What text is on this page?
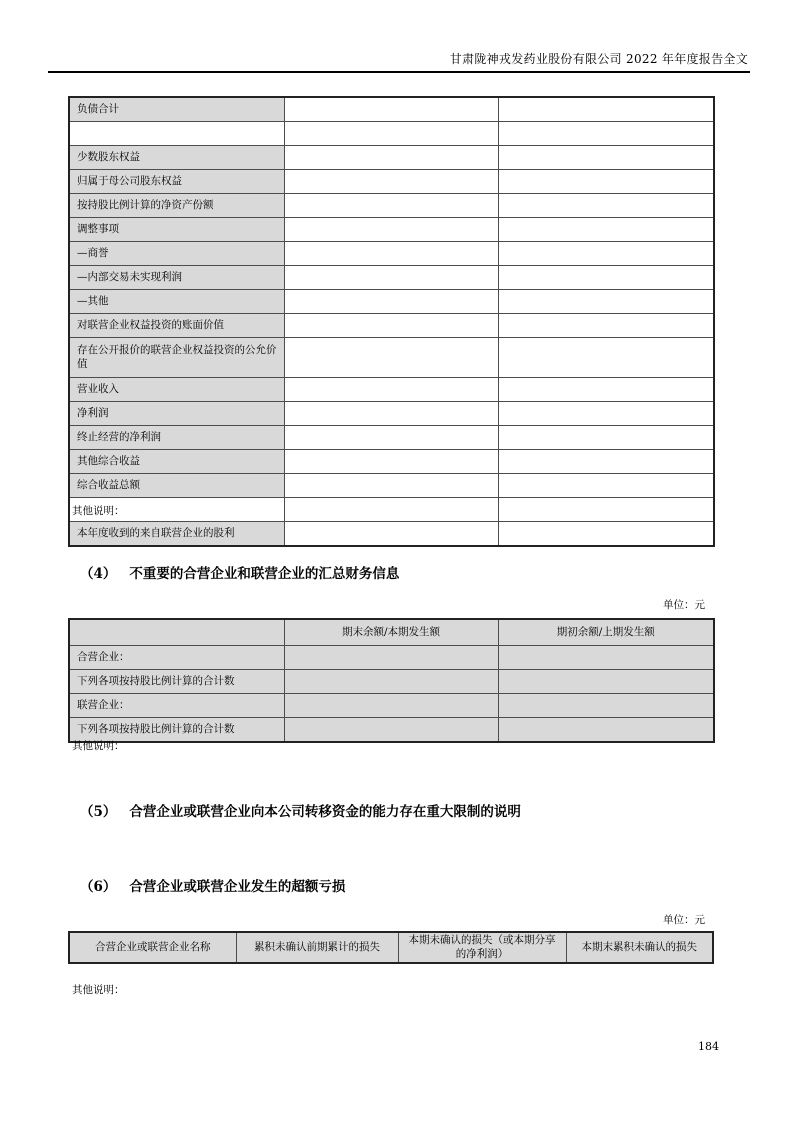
甘肃陇神戎发药业股份有限公司 2022 年年度报告全文
负债合计		

少数股东权益		
归属于母公司股东权益		
按持股比例计算的净资产份额		
调整事项		
—商誉		
—内部交易未实现利润		
—其他		
对联营企业权益投资的账面价值		
存在公开报价的联营企业权益投资的公允价值		
营业收入		
净利润		
终止经营的净利润		
其他综合收益		
综合收益总额		

本年度收到的来自联营企业的股利		
其他说明：
（4） 不重要的合营企业和联营企业的汇总财务信息
单位：元
	期末余额/本期发生额	期初余额/上期发生额
合营企业：		
下列各项按持股比例计算的合计数		
联营企业：		
下列各项按持股比例计算的合计数		
其他说明：
（5） 合营企业或联营企业向本公司转移资金的能力存在重大限制的说明
（6） 合营企业或联营企业发生的超额亏损
单位：元
合营企业或联营企业名称	累积未确认前期累计的损失	本期未确认的损失（或本期分享的净利润）	本期末累积未确认的损失
其他说明：
184
